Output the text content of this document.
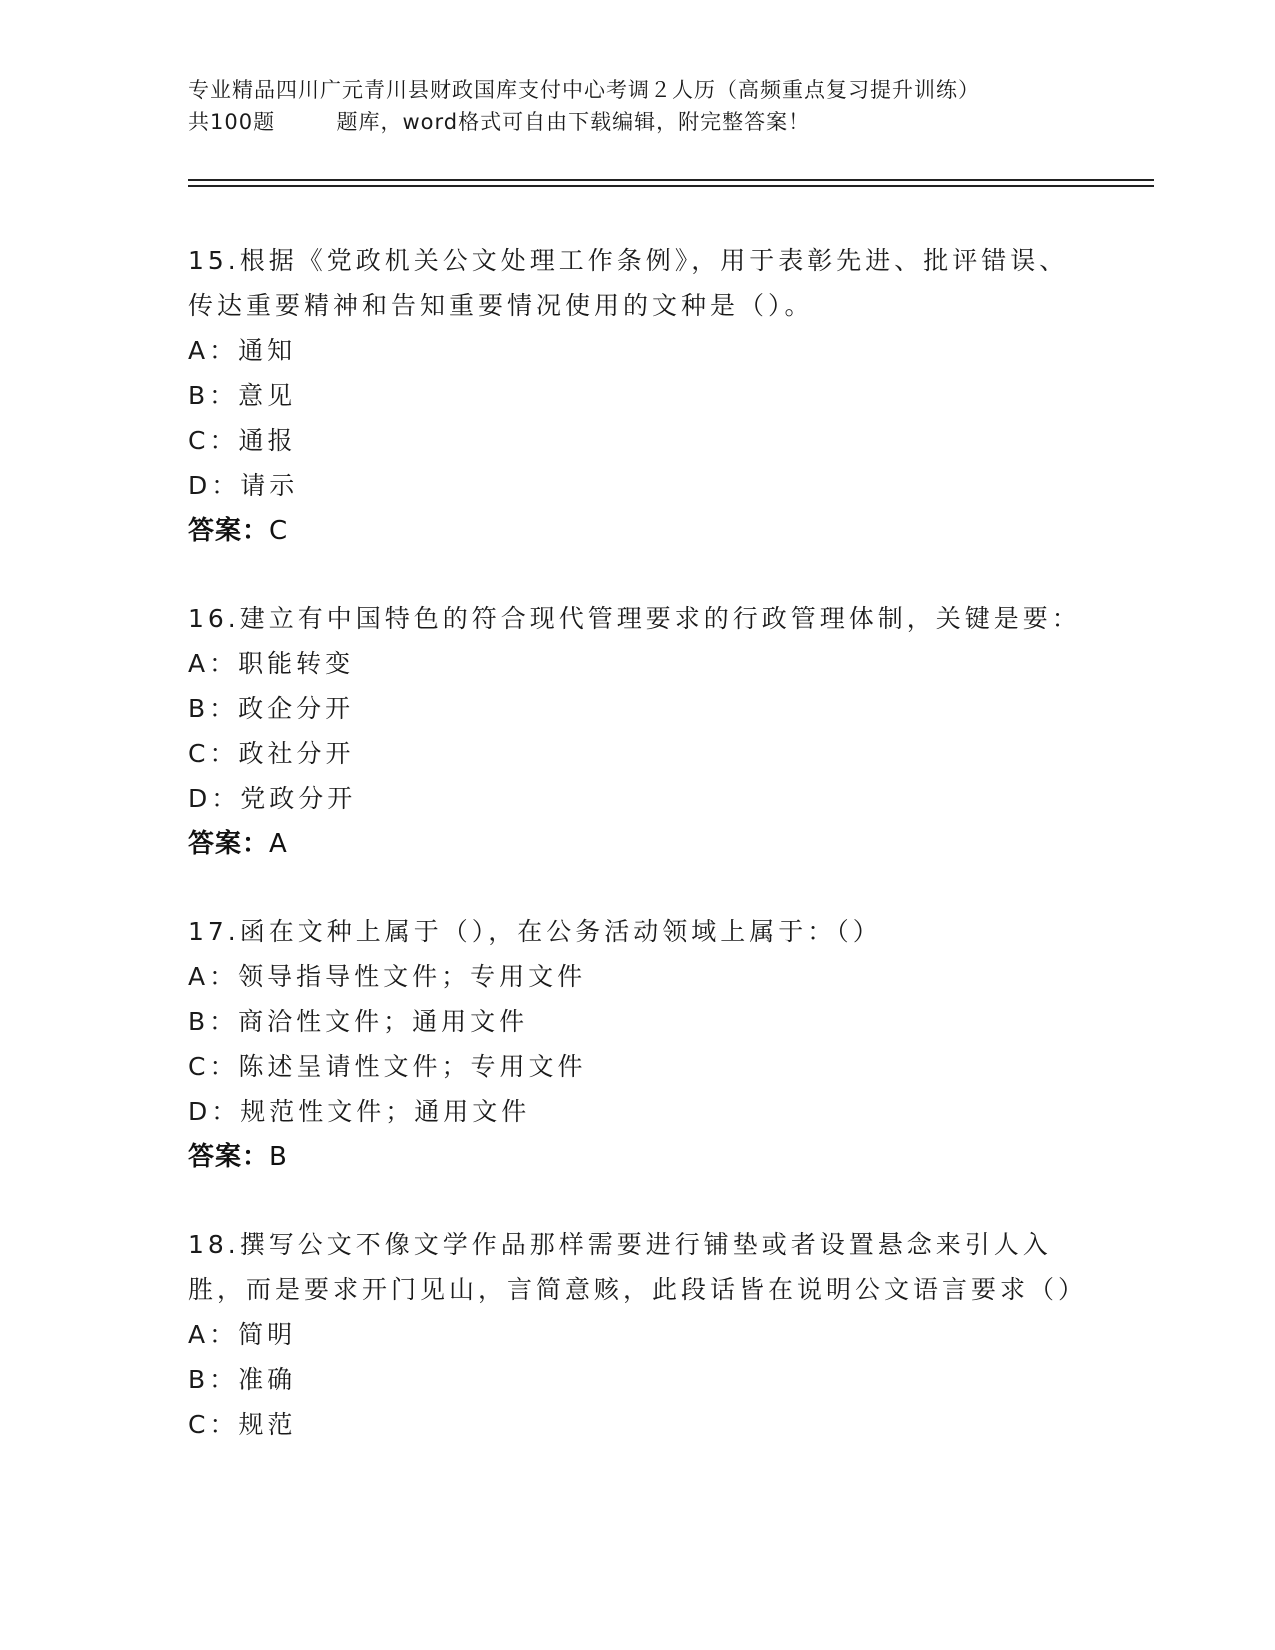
专业精品四川广元青川县财政国库支付中心考调２人历（高频重点复习提升训练）
共100题        题库，word格式可自由下载编辑，附完整答案！
15.根据《党政机关公文处理工作条例》，用于表彰先进、批评错误、传达重要精神和告知重要情况使用的文种是（）。
A：通知
B：意见
C：通报
D：请示
答案：C
16.建立有中国特色的符合现代管理要求的行政管理体制，关键是要：
A：职能转变
B：政企分开
C：政社分开
D：党政分开
答案：A
17.函在文种上属于（），在公务活动领域上属于：（）
A：领导指导性文件；专用文件
B：商洽性文件；通用文件
C：陈述呈请性文件；专用文件
D：规范性文件；通用文件
答案：B
18.撰写公文不像文学作品那样需要进行铺垫或者设置悬念来引人入胜，而是要求开门见山，言简意赅，此段话皆在说明公文语言要求（）
A：简明
B：准确
C：规范
